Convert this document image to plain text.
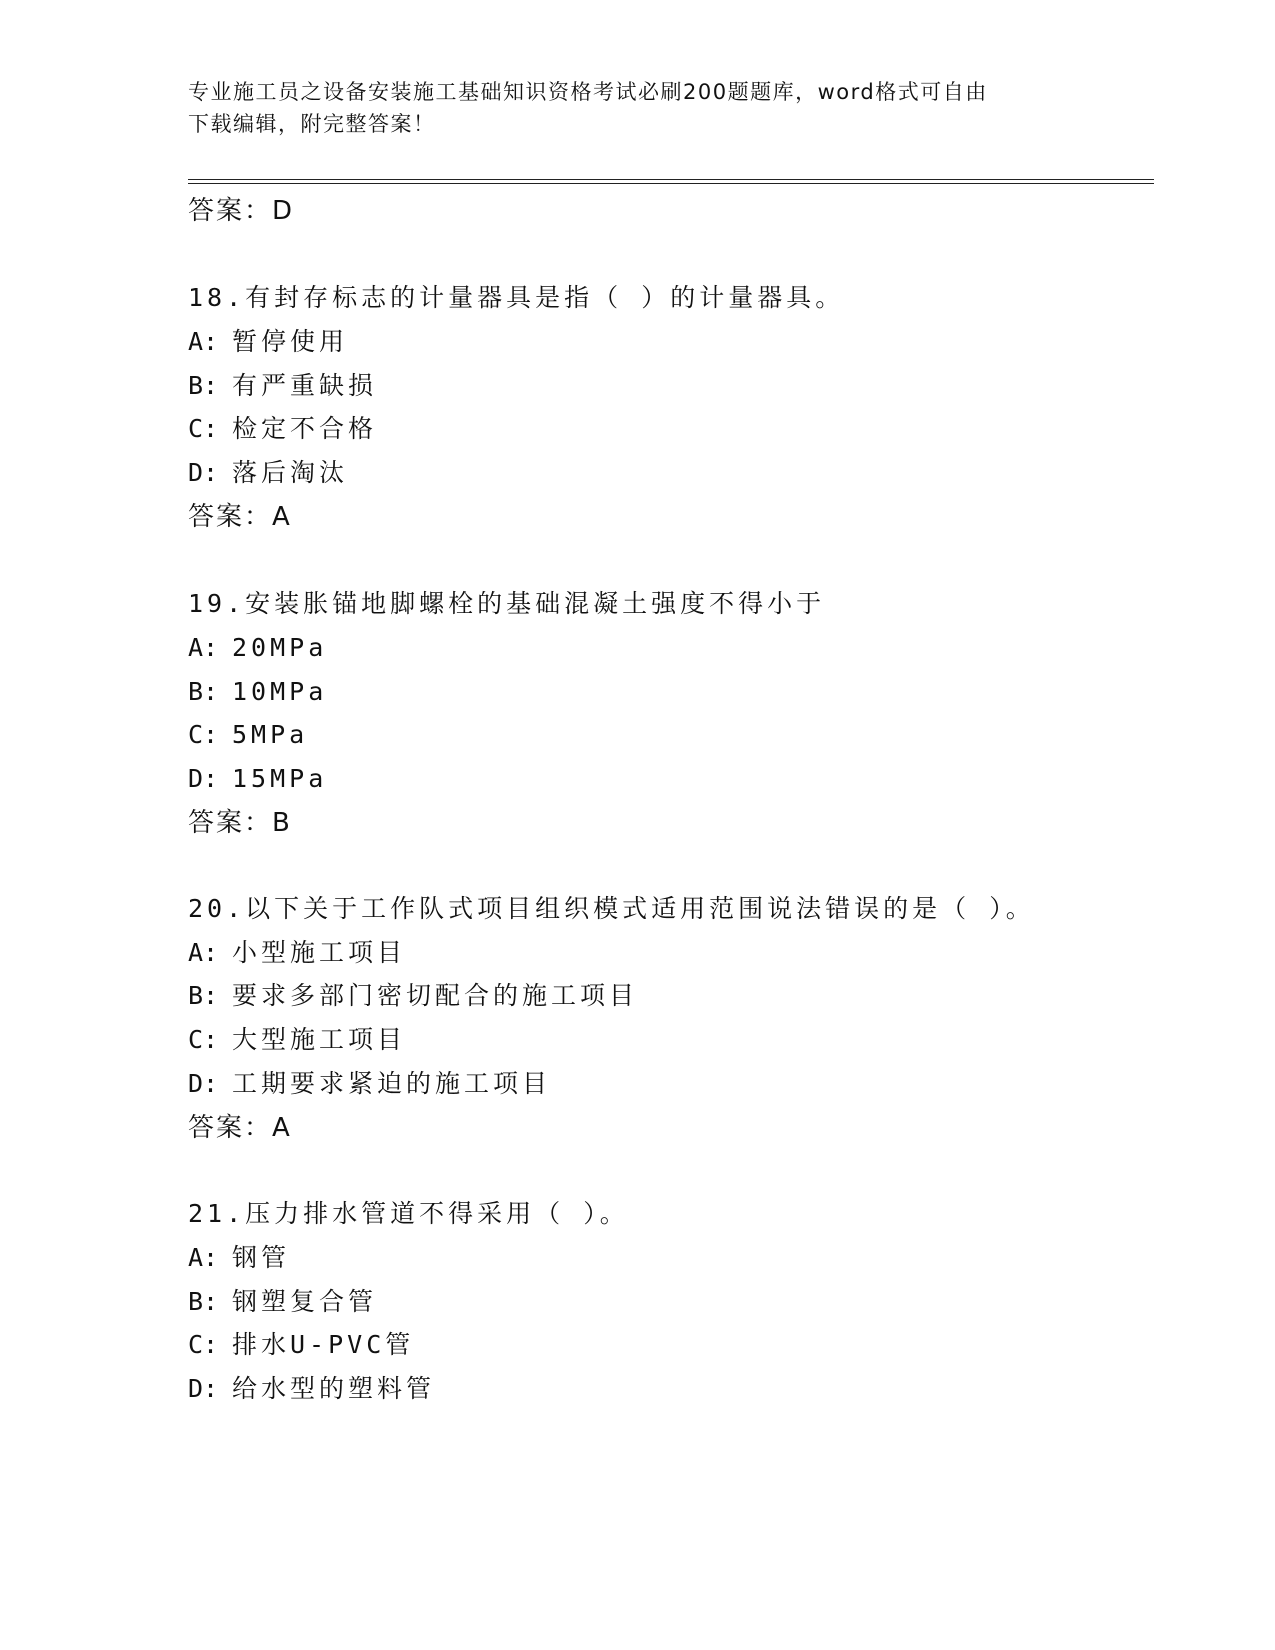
专业施工员之设备安装施工基础知识资格考试必刷200题题库，word格式可自由
下载编辑，附完整答案！
答案：D
18.有封存标志的计量器具是指（ ）的计量器具。
A: 暂停使用
B: 有严重缺损
C: 检定不合格
D: 落后淘汰
答案：A
19.安装胀锚地脚螺栓的基础混凝土强度不得小于
A: 20MPa
B: 10MPa
C: 5MPa
D: 15MPa
答案：B
20.以下关于工作队式项目组织模式适用范围说法错误的是（ ）。
A: 小型施工项目
B: 要求多部门密切配合的施工项目
C: 大型施工项目
D: 工期要求紧迫的施工项目
答案：A
21.压力排水管道不得采用（ ）。
A: 钢管
B: 钢塑复合管
C: 排水U-PVC管
D: 给水型的塑料管
